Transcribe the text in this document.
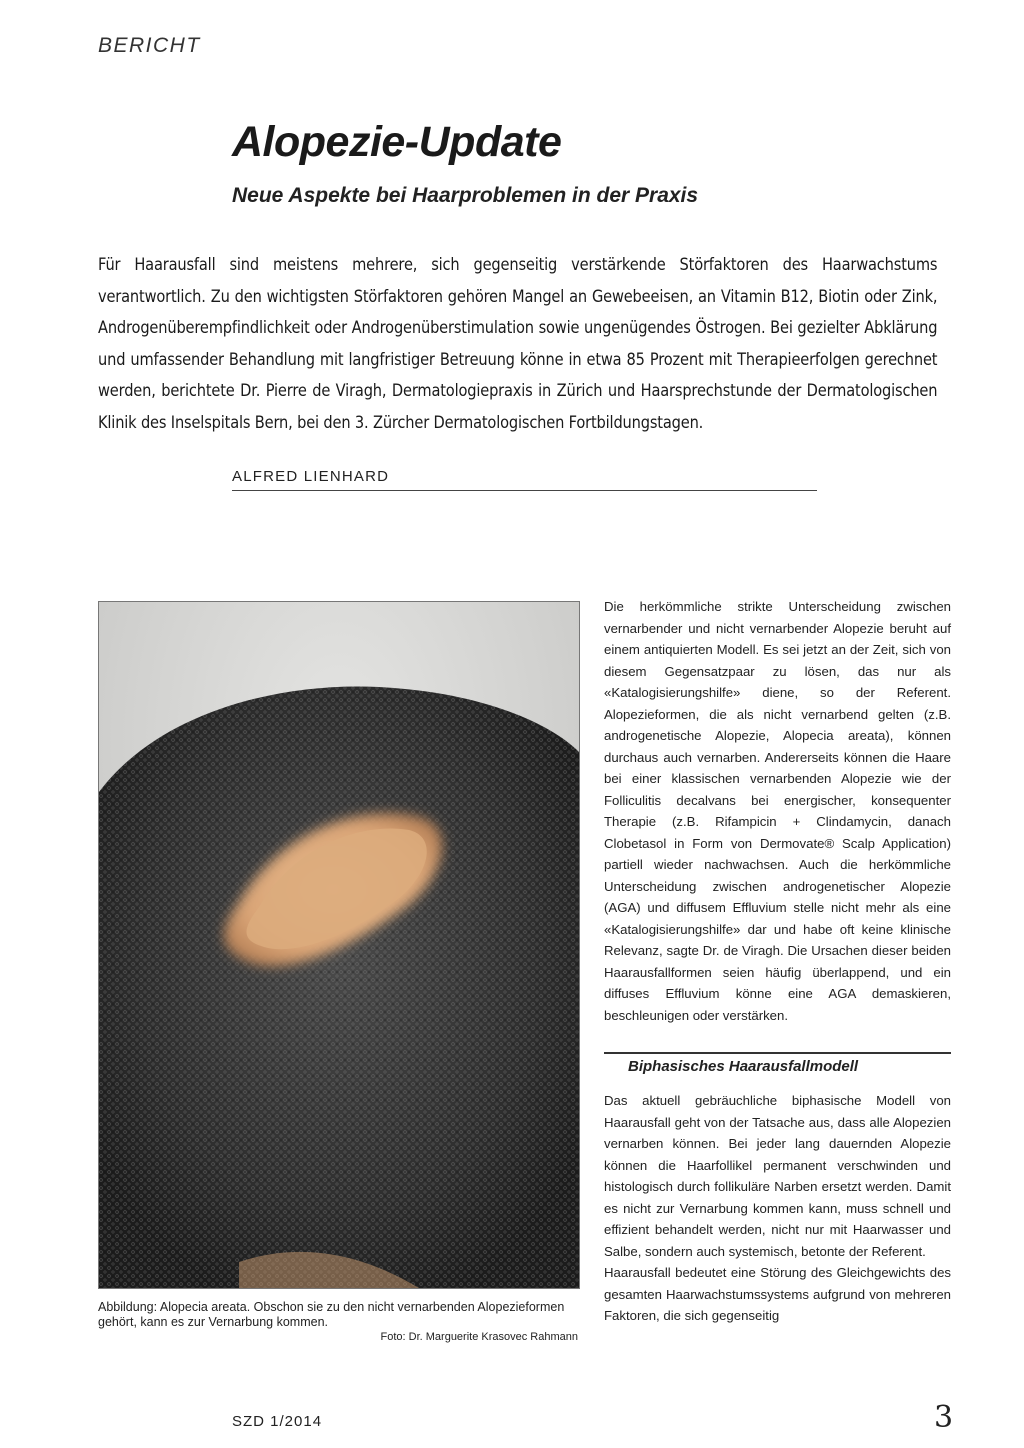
BERICHT
Alopezie-Update
Neue Aspekte bei Haarproblemen in der Praxis

Für Haarausfall sind meistens mehrere, sich gegenseitig verstärkende Störfaktoren des Haarwachstums verantwortlich. Zu den wichtigsten Störfaktoren gehören Mangel an Gewebeeisen, an Vitamin B12, Biotin oder Zink, Androgenüberempfindlichkeit oder Androgenüberstimulation sowie ungenügendes Östrogen. Bei gezielter Abklärung und umfassender Behandlung mit langfristiger Betreuung könne in etwa 85 Prozent mit Therapieerfolgen gerechnet werden, berichtete Dr. Pierre de Viragh, Dermatologiepraxis in Zürich und Haarsprechstunde der Dermatologischen Klinik des Inselspitals Bern, bei den 3. Zürcher Dermatologischen Fortbildungstagen.

ALFRED LIENHARD

Abbildung: Alopecia areata. Obschon sie zu den nicht vernarbenden Alopezieformen gehört, kann es zur Vernarbung kommen.

Foto: Dr. Marguerite Krasovec Rahmann

Die herkömmliche strikte Unterscheidung zwischen vernarbender und nicht vernarbender Alopezie beruht auf einem antiquierten Modell. Es sei jetzt an der Zeit, sich von diesem Gegensatzpaar zu lösen, das nur als «Katalogisierungshilfe» diene, so der Referent. Alopezieformen, die als nicht vernarbend gelten (z.B. androgenetische Alopezie, Alopecia areata), können durchaus auch vernarben. Andererseits können die Haare bei einer klassischen vernarbenden Alopezie wie der Folliculitis decalvans bei energischer, konsequenter Therapie (z.B. Rifampicin + Clindamycin, danach Clobetasol in Form von Dermovate® Scalp Application) partiell wieder nachwachsen. Auch die herkömmliche Unterscheidung zwischen androgenetischer Alopezie (AGA) und diffusem Effluvium stelle nicht mehr als eine «Katalogisierungshilfe» dar und habe oft keine klinische Relevanz, sagte Dr. de Viragh. Die Ursachen dieser beiden Haarausfallformen seien häufig überlappend, und ein diffuses Effluvium könne eine AGA demaskieren, beschleunigen oder verstärken.

Biphasisches Haarausfallmodell
Das aktuell gebräuchliche biphasische Modell von Haarausfall geht von der Tatsache aus, dass alle Alopezien vernarben können. Bei jeder lang dauernden Alopezie können die Haarfollikel permanent verschwinden und histologisch durch follikuläre Narben ersetzt werden. Damit es nicht zur Vernarbung kommen kann, muss schnell und effizient behandelt werden, nicht nur mit Haarwasser und Salbe, sondern auch systemisch, betonte der Referent.
Haarausfall bedeutet eine Störung des Gleichgewichts des gesamten Haarwachstumssystems aufgrund von mehreren Faktoren, die sich gegenseitig
SZD 1/2014	3
